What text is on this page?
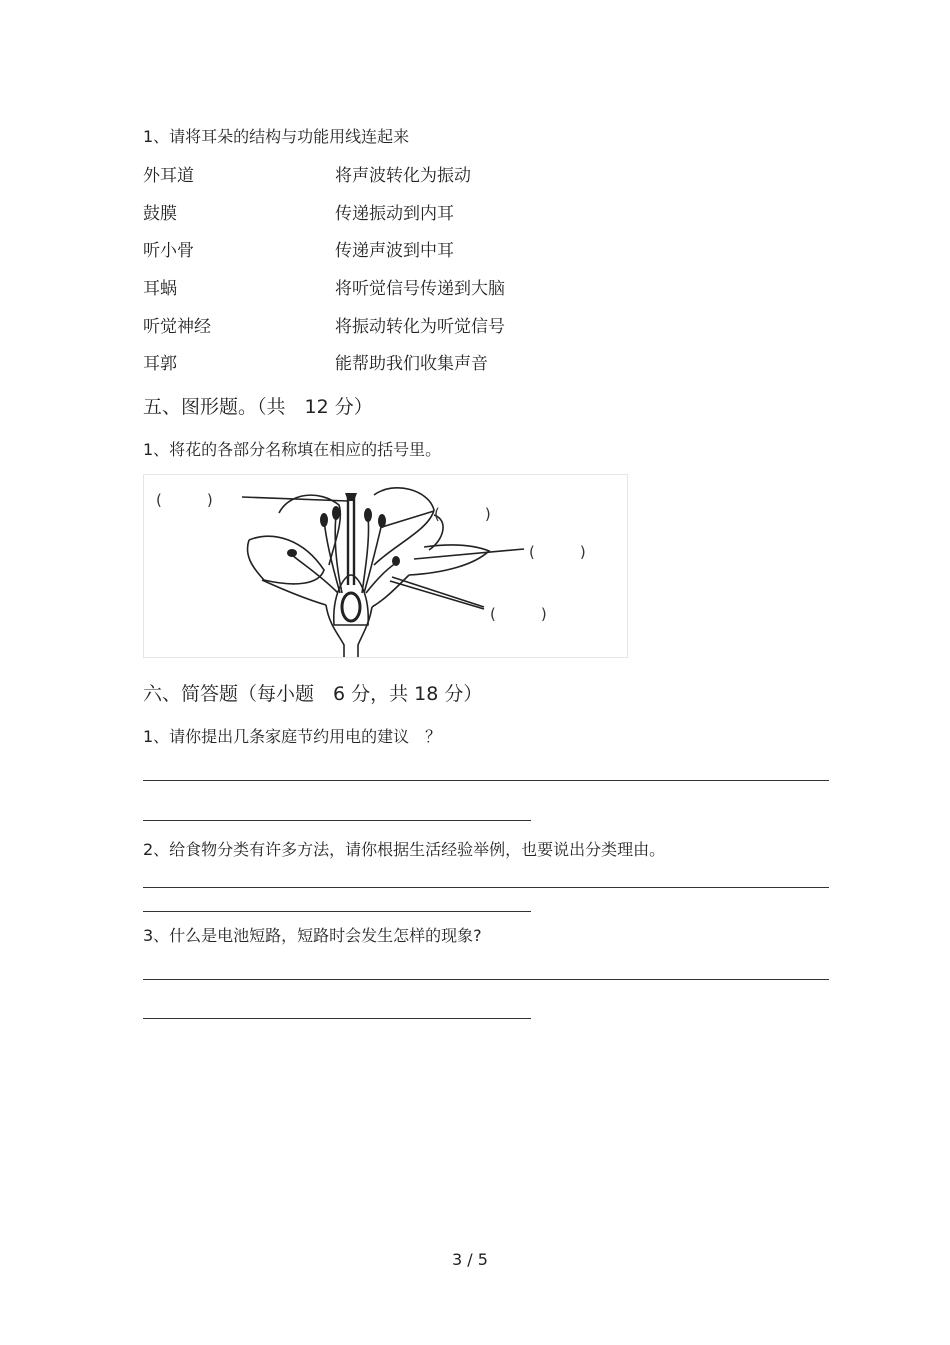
1、请将耳朵的结构与功能用线连起来
外耳道	将声波转化为振动
鼓膜	传递振动到内耳
听小骨	传递声波到中耳
耳蜗	将听觉信号传递到大脑
听觉神经	将振动转化为听觉信号
耳郭	能帮助我们收集声音
五、图形题。（共　12 分）
1、将花的各部分名称填在相应的括号里。
(　　　)
(　　　)
(　　　)
(　　　)
六、简答题（每小题　6 分，共 18 分）
1、请你提出几条家庭节约用电的建议　？
2、给食物分类有许多方法，请你根据生活经验举例，也要说出分类理由。
3、什么是电池短路，短路时会发生怎样的现象?
3 / 5
